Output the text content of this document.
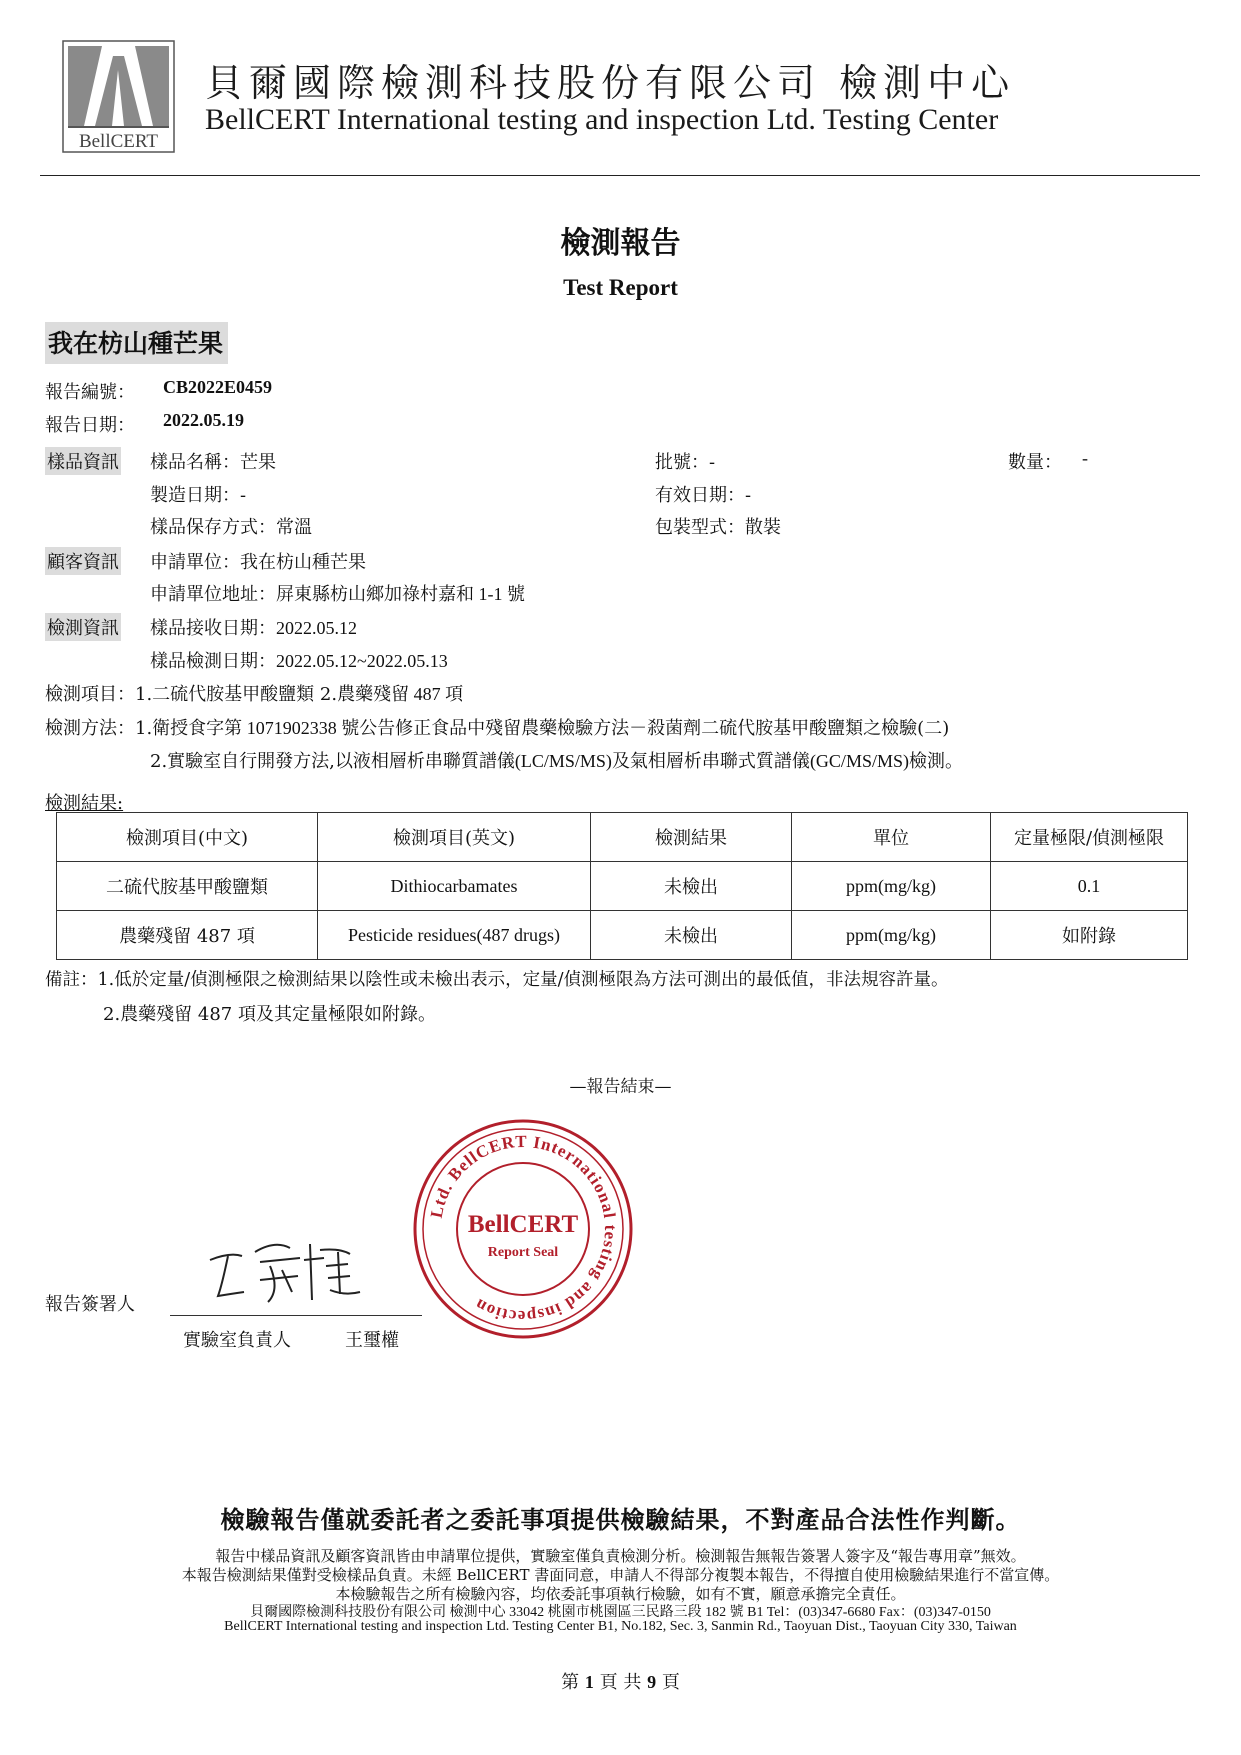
BellCERT
貝爾國際檢測科技股份有限公司 檢測中心
BellCERT International testing and inspection Ltd. Testing Center
檢測報告
Test Report
我在枋山種芒果
報告編號： CB2022E0459
報告日期： 2022.05.19
樣品資訊 樣品名稱：芒果	批號：-	數量： -
製造日期：-	有效日期：-
樣品保存方式：常溫	包裝型式：散裝
顧客資訊 申請單位：我在枋山種芒果
申請單位地址：屏東縣枋山鄉加祿村嘉和 1-1 號
檢測資訊 樣品接收日期：2022.05.12
樣品檢測日期：2022.05.12~2022.05.13
檢測項目：1.二硫代胺基甲酸鹽類 2.農藥殘留 487 項
檢測方法：1.衛授食字第 1071902338 號公告修正食品中殘留農藥檢驗方法－殺菌劑二硫代胺基甲酸鹽類之檢驗(二)
2.實驗室自行開發方法,以液相層析串聯質譜儀(LC/MS/MS)及氣相層析串聯式質譜儀(GC/MS/MS)檢測。
檢測結果:
檢測項目(中文)	檢測項目(英文)	檢測結果	單位	定量極限/偵測極限
二硫代胺基甲酸鹽類	Dithiocarbamates	未檢出	ppm(mg/kg)	0.1
農藥殘留 487 項	Pesticide residues(487 drugs)	未檢出	ppm(mg/kg)	如附錄
備註：1.低於定量/偵測極限之檢測結果以陰性或未檢出表示，定量/偵測極限為方法可測出的最低值，非法規容許量。
2.農藥殘留 487 項及其定量極限如附錄。
—報告結束—
Ltd. BellCERT International testing and inspection
BellCERT
Report Seal
報告簽署人
實驗室負責人	王璽權
檢驗報告僅就委託者之委託事項提供檢驗結果，不對產品合法性作判斷。
報告中樣品資訊及顧客資訊皆由申請單位提供，實驗室僅負責檢測分析。檢測報告無報告簽署人簽字及“報告專用章”無效。
本報告檢測結果僅對受檢樣品負責。未經 BellCERT 書面同意，申請人不得部分複製本報告，不得擅自使用檢驗結果進行不當宣傳。
本檢驗報告之所有檢驗內容，均依委託事項執行檢驗，如有不實，願意承擔完全責任。
貝爾國際檢測科技股份有限公司 檢測中心 33042 桃園市桃園區三民路三段 182 號 B1 Tel：(03)347-6680 Fax：(03)347-0150
BellCERT International testing and inspection Ltd. Testing Center B1, No.182, Sec. 3, Sanmin Rd., Taoyuan Dist., Taoyuan City 330, Taiwan
第 1 頁 共 9 頁
